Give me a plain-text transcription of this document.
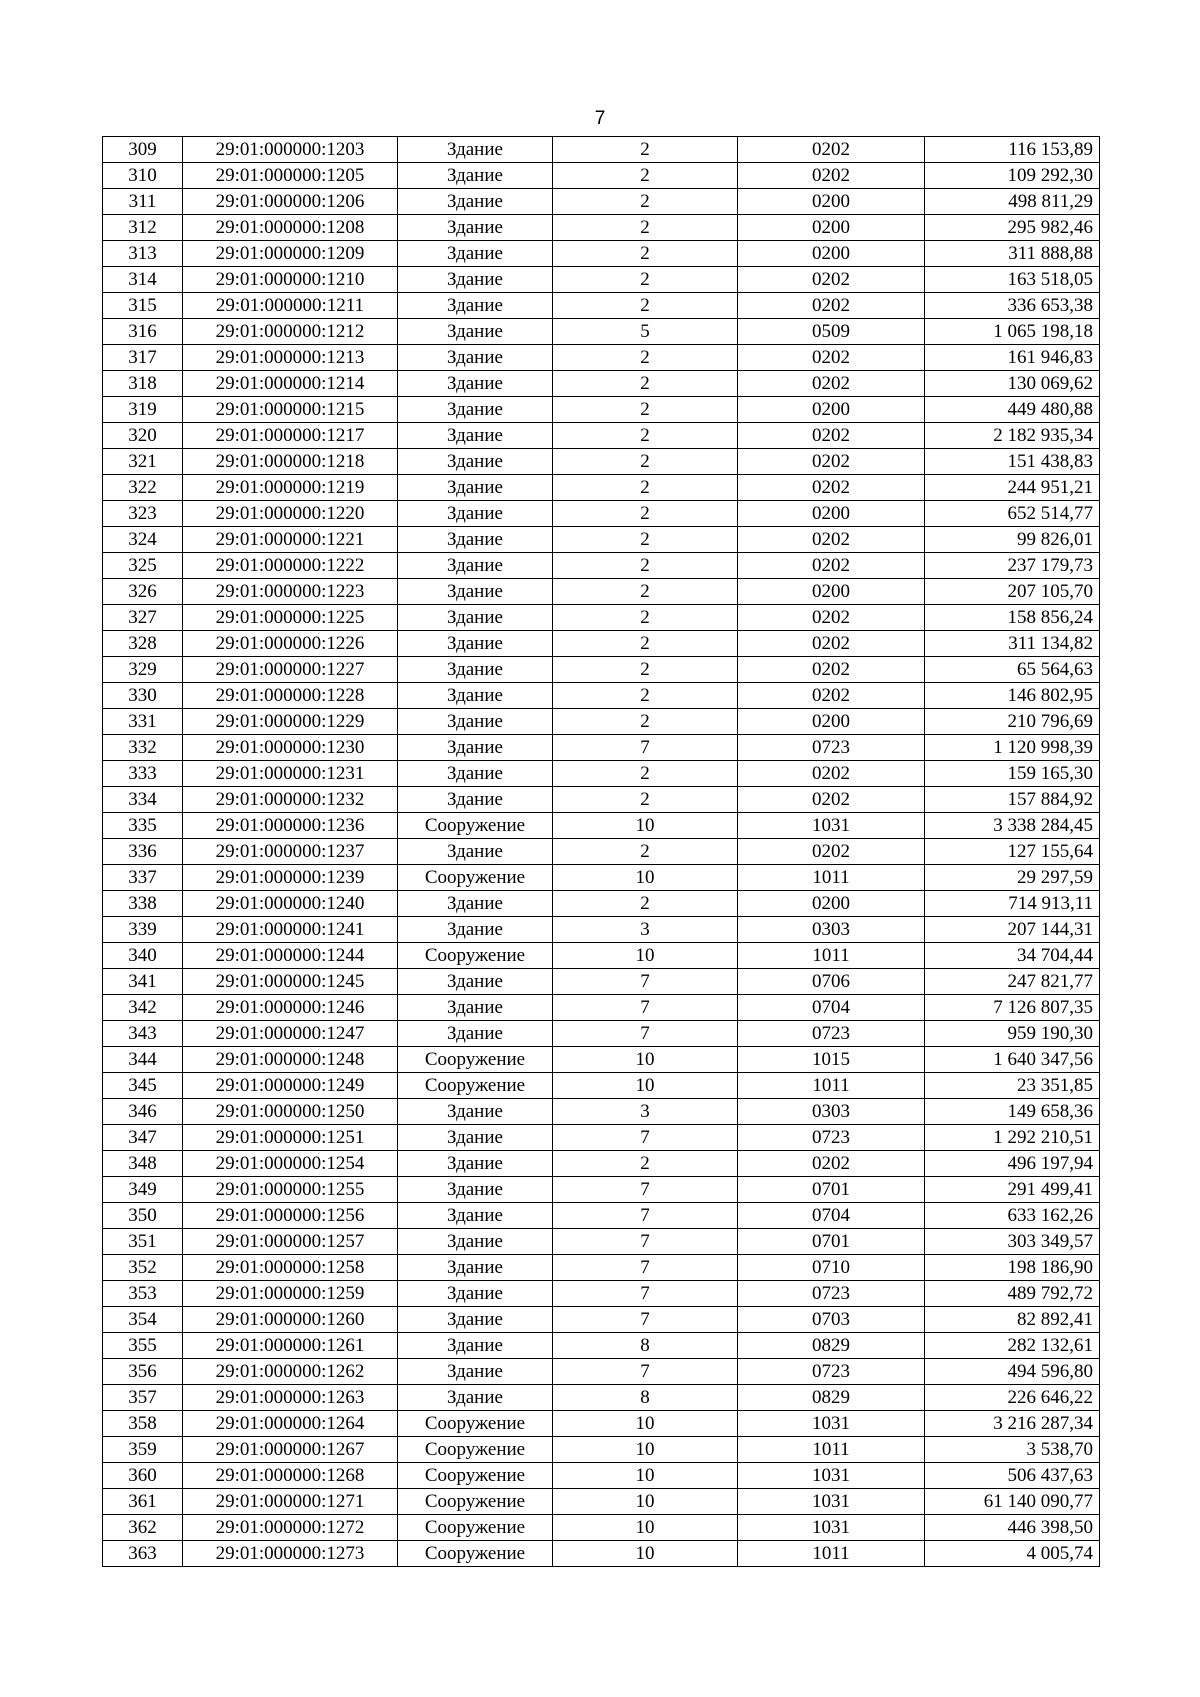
7
309	29:01:000000:1203	Здание	2	0202	116 153,89
310	29:01:000000:1205	Здание	2	0202	109 292,30
311	29:01:000000:1206	Здание	2	0200	498 811,29
312	29:01:000000:1208	Здание	2	0200	295 982,46
313	29:01:000000:1209	Здание	2	0200	311 888,88
314	29:01:000000:1210	Здание	2	0202	163 518,05
315	29:01:000000:1211	Здание	2	0202	336 653,38
316	29:01:000000:1212	Здание	5	0509	1 065 198,18
317	29:01:000000:1213	Здание	2	0202	161 946,83
318	29:01:000000:1214	Здание	2	0202	130 069,62
319	29:01:000000:1215	Здание	2	0200	449 480,88
320	29:01:000000:1217	Здание	2	0202	2 182 935,34
321	29:01:000000:1218	Здание	2	0202	151 438,83
322	29:01:000000:1219	Здание	2	0202	244 951,21
323	29:01:000000:1220	Здание	2	0200	652 514,77
324	29:01:000000:1221	Здание	2	0202	99 826,01
325	29:01:000000:1222	Здание	2	0202	237 179,73
326	29:01:000000:1223	Здание	2	0200	207 105,70
327	29:01:000000:1225	Здание	2	0202	158 856,24
328	29:01:000000:1226	Здание	2	0202	311 134,82
329	29:01:000000:1227	Здание	2	0202	65 564,63
330	29:01:000000:1228	Здание	2	0202	146 802,95
331	29:01:000000:1229	Здание	2	0200	210 796,69
332	29:01:000000:1230	Здание	7	0723	1 120 998,39
333	29:01:000000:1231	Здание	2	0202	159 165,30
334	29:01:000000:1232	Здание	2	0202	157 884,92
335	29:01:000000:1236	Сооружение	10	1031	3 338 284,45
336	29:01:000000:1237	Здание	2	0202	127 155,64
337	29:01:000000:1239	Сооружение	10	1011	29 297,59
338	29:01:000000:1240	Здание	2	0200	714 913,11
339	29:01:000000:1241	Здание	3	0303	207 144,31
340	29:01:000000:1244	Сооружение	10	1011	34 704,44
341	29:01:000000:1245	Здание	7	0706	247 821,77
342	29:01:000000:1246	Здание	7	0704	7 126 807,35
343	29:01:000000:1247	Здание	7	0723	959 190,30
344	29:01:000000:1248	Сооружение	10	1015	1 640 347,56
345	29:01:000000:1249	Сооружение	10	1011	23 351,85
346	29:01:000000:1250	Здание	3	0303	149 658,36
347	29:01:000000:1251	Здание	7	0723	1 292 210,51
348	29:01:000000:1254	Здание	2	0202	496 197,94
349	29:01:000000:1255	Здание	7	0701	291 499,41
350	29:01:000000:1256	Здание	7	0704	633 162,26
351	29:01:000000:1257	Здание	7	0701	303 349,57
352	29:01:000000:1258	Здание	7	0710	198 186,90
353	29:01:000000:1259	Здание	7	0723	489 792,72
354	29:01:000000:1260	Здание	7	0703	82 892,41
355	29:01:000000:1261	Здание	8	0829	282 132,61
356	29:01:000000:1262	Здание	7	0723	494 596,80
357	29:01:000000:1263	Здание	8	0829	226 646,22
358	29:01:000000:1264	Сооружение	10	1031	3 216 287,34
359	29:01:000000:1267	Сооружение	10	1011	3 538,70
360	29:01:000000:1268	Сооружение	10	1031	506 437,63
361	29:01:000000:1271	Сооружение	10	1031	61 140 090,77
362	29:01:000000:1272	Сооружение	10	1031	446 398,50
363	29:01:000000:1273	Сооружение	10	1011	4 005,74
